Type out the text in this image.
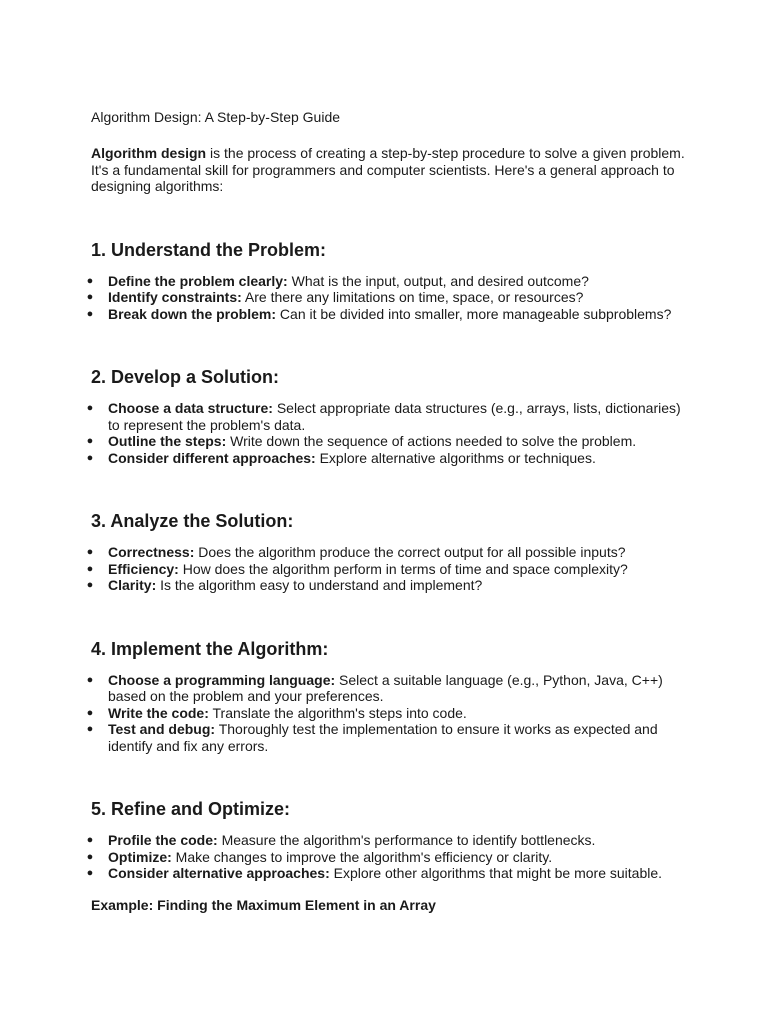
Algorithm Design: A Step-by-Step Guide

Algorithm design is the process of creating a step-by-step procedure to solve a given problem. It's a fundamental skill for programmers and computer scientists. Here's a general approach to designing algorithms:

1. Understand the Problem:
● Define the problem clearly: What is the input, output, and desired outcome?
● Identify constraints: Are there any limitations on time, space, or resources?
● Break down the problem: Can it be divided into smaller, more manageable subproblems?
2. Develop a Solution:
● Choose a data structure: Select appropriate data structures (e.g., arrays, lists, dictionaries) to represent the problem's data.
● Outline the steps: Write down the sequence of actions needed to solve the problem.
● Consider different approaches: Explore alternative algorithms or techniques.
3. Analyze the Solution:
● Correctness: Does the algorithm produce the correct output for all possible inputs?
● Efficiency: How does the algorithm perform in terms of time and space complexity?
● Clarity: Is the algorithm easy to understand and implement?
4. Implement the Algorithm:
● Choose a programming language: Select a suitable language (e.g., Python, Java, C++) based on the problem and your preferences.
● Write the code: Translate the algorithm's steps into code.
● Test and debug: Thoroughly test the implementation to ensure it works as expected and identify and fix any errors.
5. Refine and Optimize:
● Profile the code: Measure the algorithm's performance to identify bottlenecks.
● Optimize: Make changes to improve the algorithm's efficiency or clarity.
● Consider alternative approaches: Explore other algorithms that might be more suitable.

Example: Finding the Maximum Element in an Array
